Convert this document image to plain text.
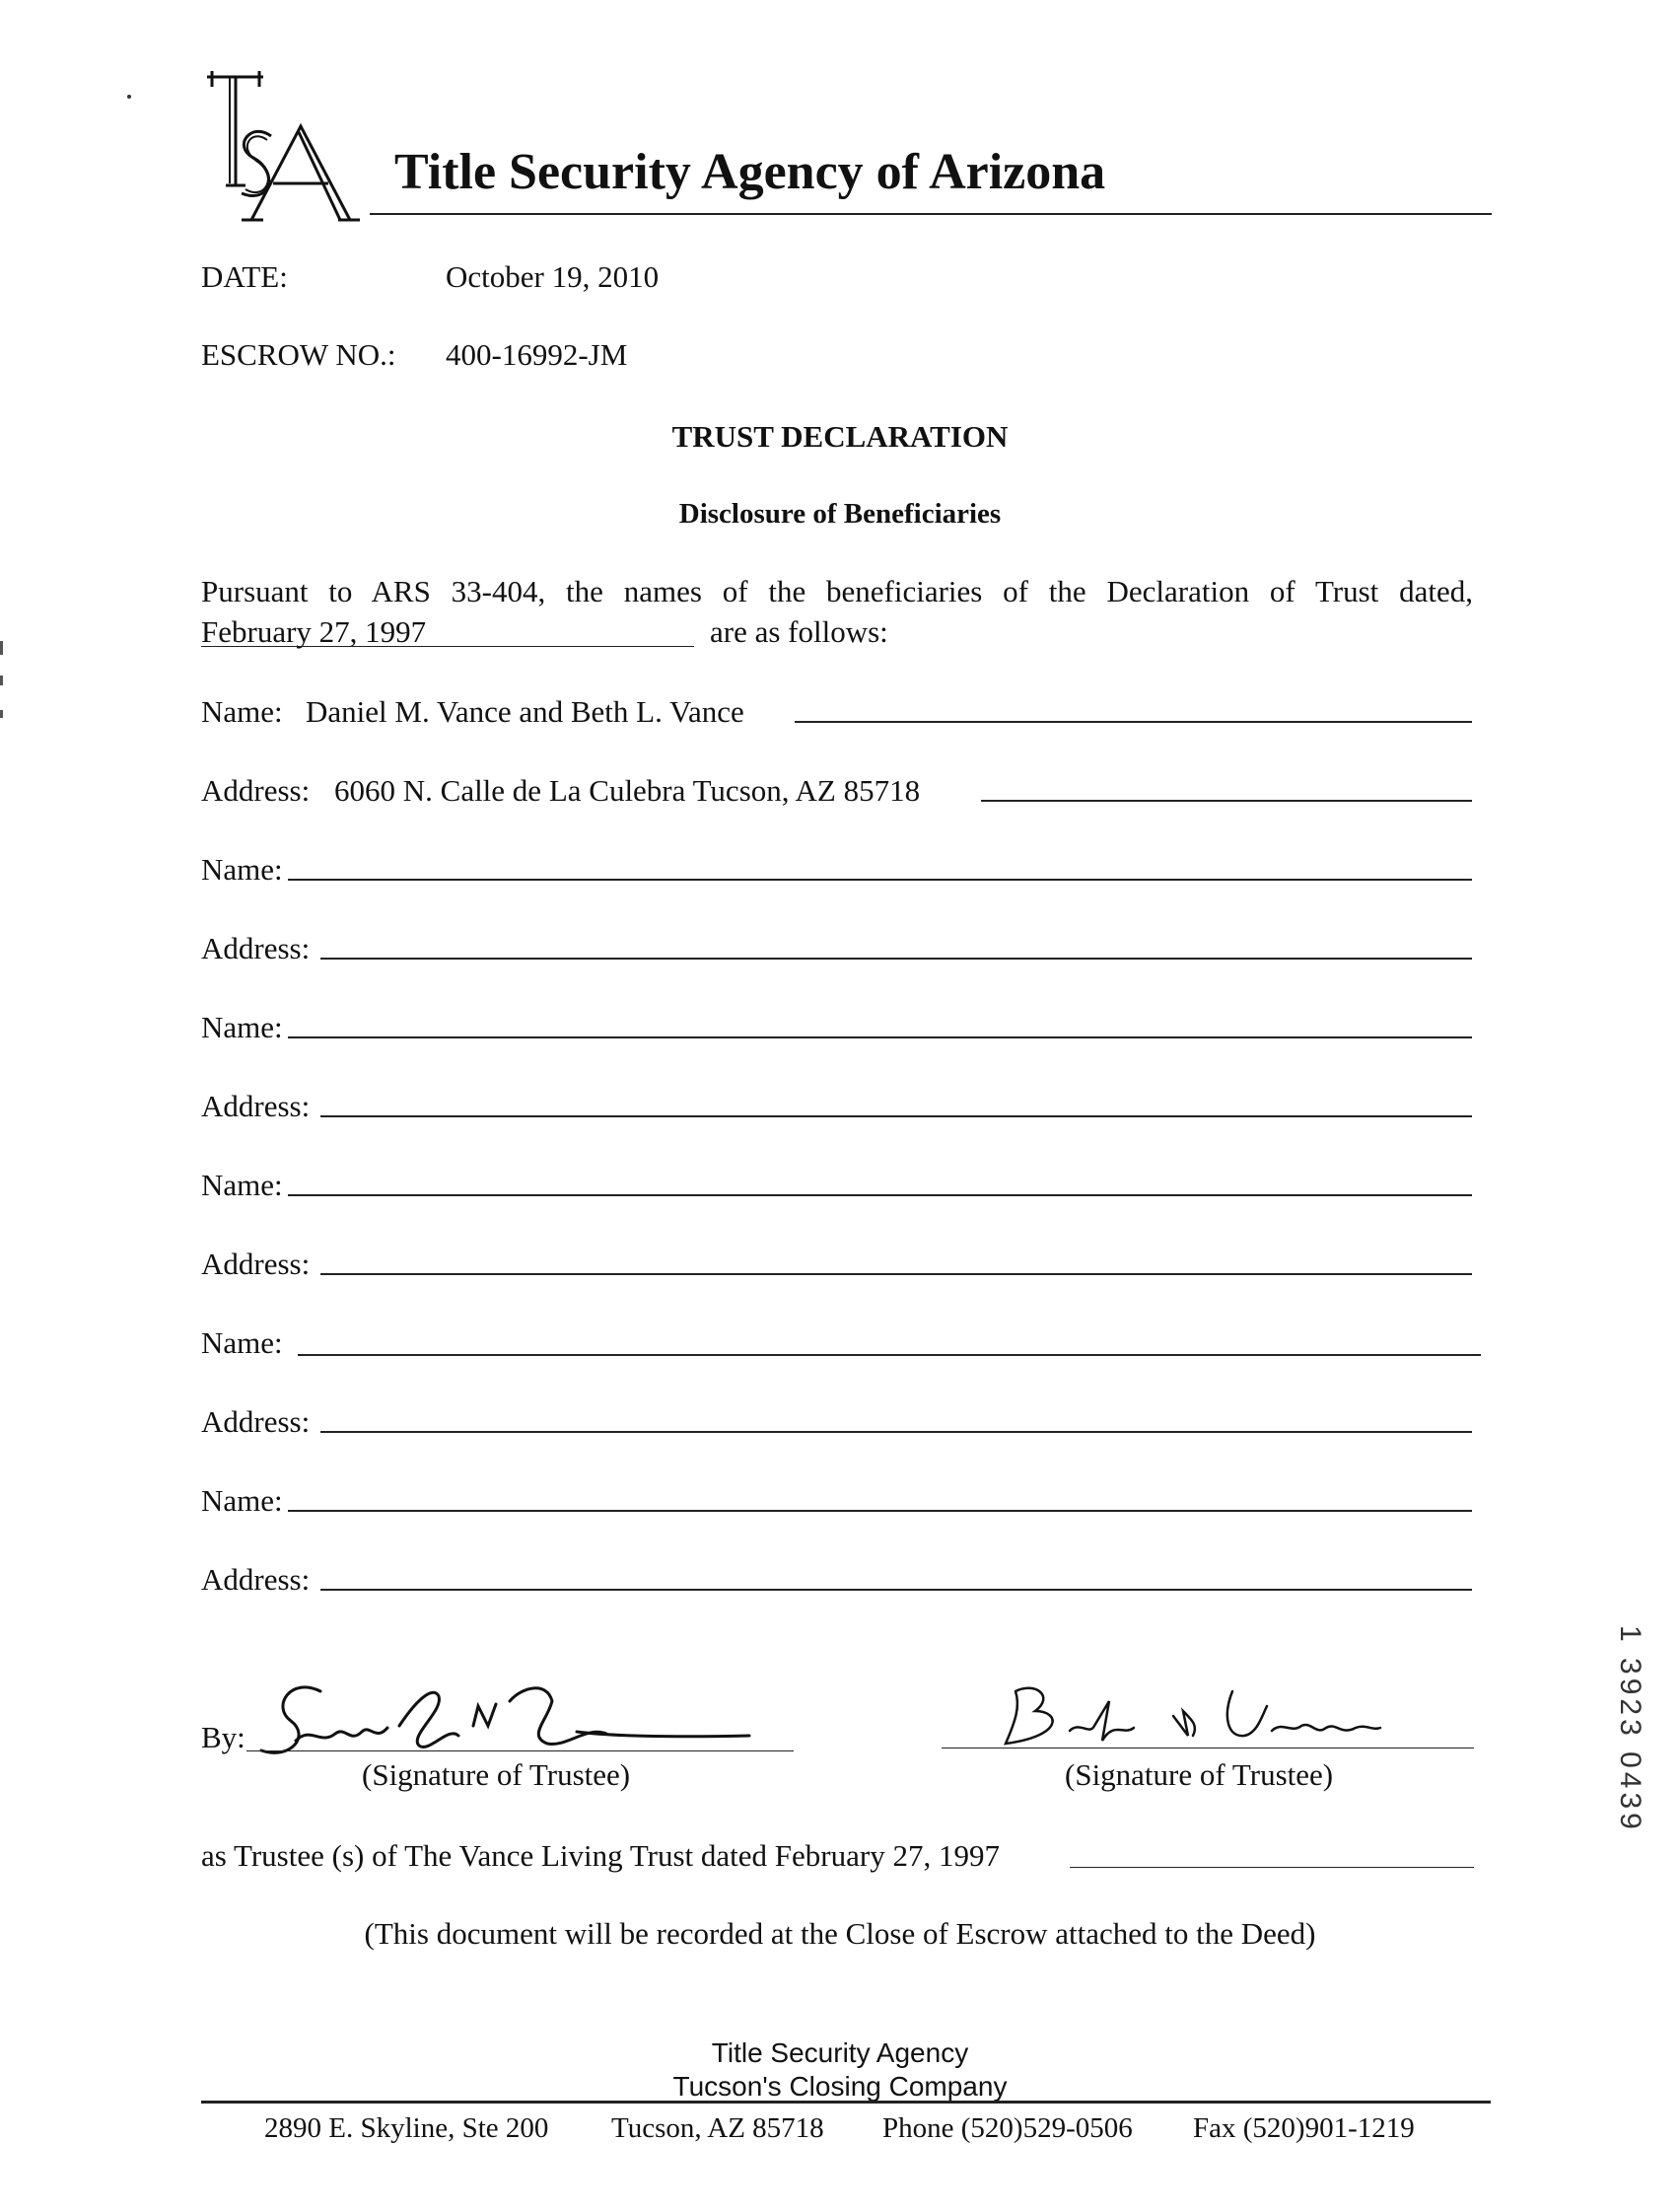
Title Security Agency of Arizona
DATE:	October 19, 2010
ESCROW NO.: 400-16992-JM
TRUST DECLARATION
Disclosure of Beneficiaries
Pursuant to ARS 33-404, the names of the beneficiaries of the Declaration of Trust dated,
February 27, 1997	are as follows:
Name: Daniel M. Vance and Beth L. Vance
Address: 6060 N. Calle de La Culebra Tucson, AZ 85718
Name:
Address:
Name:
Address:
Name:
Address:
Name:
Address:
Name:
Address:
By:
(Signature of Trustee)	(Signature of Trustee)
as Trustee (s) of The Vance Living Trust dated February 27, 1997
(This document will be recorded at the Close of Escrow attached to the Deed)
Title Security Agency
Tucson's Closing Company
2890 E. Skyline, Ste 200 Tucson, AZ 85718 Phone (520)529-0506 Fax (520)901-1219
1 3923 0439
